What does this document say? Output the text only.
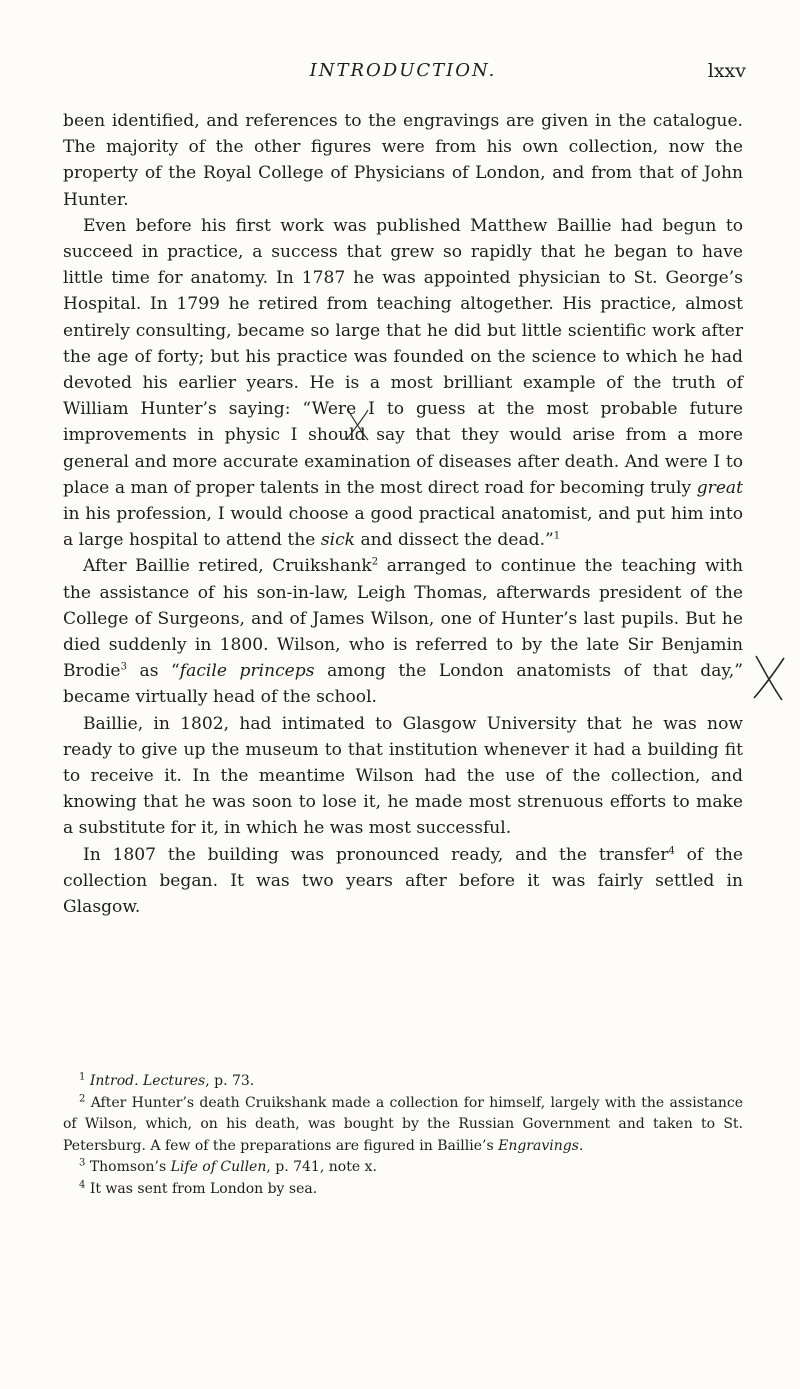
INTRODUCTION.	lxxv

been identified, and references to the engravings are given in the catalogue. The majority of the other figures were from his own collection, now the property of the Royal College of Physicians of London, and from that of John Hunter.

Even before his first work was published Matthew Baillie had begun to succeed in practice, a success that grew so rapidly that he began to have little time for anatomy. In 1787 he was appointed physician to St. George’s Hospital. In 1799 he retired from teaching altogether. His practice, almost entirely consulting, became so large that he did but little scientific work after the age of forty; but his practice was founded on the science to which he had devoted his earlier years. He is a most brilliant example of the truth of William Hunter’s saying: “Were I to guess at the most probable future improvements in physic I should say that they would arise from a more general and more accurate examination of diseases after death. And were I to place a man of proper talents in the most direct road for becoming truly great in his profession, I would choose a good practical anatomist, and put him into a large hospital to attend the sick and dissect the dead.”$^1$

After Baillie retired, Cruikshank$^2$ arranged to continue the teaching with the assistance of his son-in-law, Leigh Thomas, afterwards president of the College of Surgeons, and of James Wilson, one of Hunter’s last pupils. But he died suddenly in 1800. Wilson, who is referred to by the late Sir Benjamin Brodie$^3$ as “facile princeps among the London anatomists of that day,” became virtually head of the school.

Baillie, in 1802, had intimated to Glasgow University that he was now ready to give up the museum to that institution whenever it had a building fit to receive it. In the meantime Wilson had the use of the collection, and knowing that he was soon to lose it, he made most strenuous efforts to make a substitute for it, in which he was most successful.

In 1807 the building was pronounced ready, and the transfer$^4$ of the collection began. It was two years after before it was fairly settled in Glasgow.

$^1$ Introd. Lectures, p. 73.

$^2$ After Hunter’s death Cruikshank made a collection for himself, largely with the assistance of Wilson, which, on his death, was bought by the Russian Government and taken to St. Petersburg. A few of the preparations are figured in Baillie’s Engravings.

$^3$ Thomson’s Life of Cullen, p. 741, note x.

$^4$ It was sent from London by sea.
